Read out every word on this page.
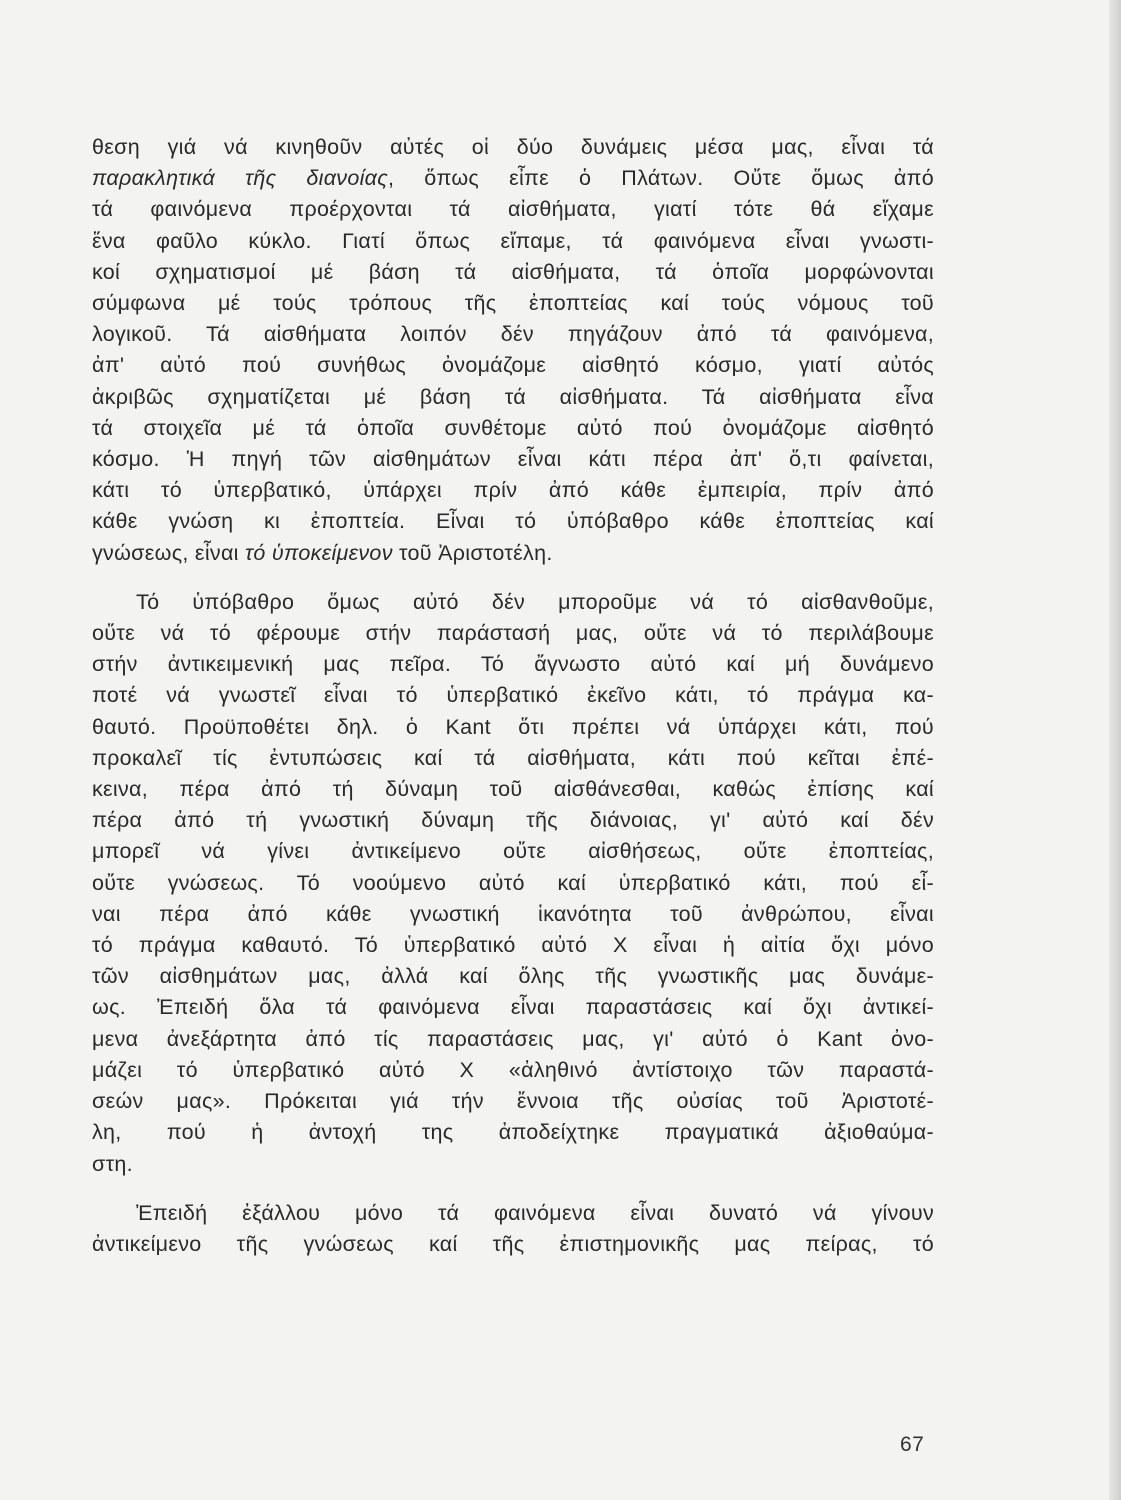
θεση γιά νά κινηθοῦν αὐτές οἱ δύο δυνάμεις μέσα μας, εἶναι τά
παρακλητικά τῆς διανοίας, ὅπως εἶπε ὁ Πλάτων. Οὔτε ὅμως ἀπό
τά φαινόμενα προέρχονται τά αἰσθήματα, γιατί τότε θά εἴχαμε
ἕνα φαῦλο κύκλο. Γιατί ὅπως εἴπαμε, τά φαινόμενα εἶναι γνωστι-
κοί σχηματισμοί μέ βάση τά αἰσθήματα, τά ὁποῖα μορφώνονται
σύμφωνα μέ τούς τρόπους τῆς ἐποπτείας καί τούς νόμους τοῦ
λογικοῦ. Τά αἰσθήματα λοιπόν δέν πηγάζουν ἀπό τά φαινόμενα,
ἀπ' αὐτό πού συνήθως ὀνομάζομε αἰσθητό κόσμο, γιατί αὐτός
ἀκριβῶς σχηματίζεται μέ βάση τά αἰσθήματα. Τά αἰσθήματα εἶνα
τά στοιχεῖα μέ τά ὁποῖα συνθέτομε αὐτό πού ὀνομάζομε αἰσθητό
κόσμο. Ἡ πηγή τῶν αἰσθημάτων εἶναι κάτι πέρα ἀπ' ὅ,τι φαίνεται,
κάτι τό ὑπερβατικό, ὑπάρχει πρίν ἀπό κάθε ἐμπειρία, πρίν ἀπό
κάθε γνώση κι ἐποπτεία. Εἶναι τό ὑπόβαθρο κάθε ἐποπτείας καί
γνώσεως, εἶναι τό ὑποκείμενον τοῦ Ἀριστοτέλη.

Τό ὑπόβαθρο ὅμως αὐτό δέν μποροῦμε νά τό αἰσθανθοῦμε,
οὔτε νά τό φέρουμε στήν παράστασή μας, οὔτε νά τό περιλάβουμε
στήν ἀντικειμενική μας πεῖρα. Τό ἄγνωστο αὐτό καί μή δυνάμενο
ποτέ νά γνωστεῖ εἶναι τό ὑπερβατικό ἐκεῖνο κάτι, τό πράγμα κα-
θαυτό. Προϋποθέτει δηλ. ὁ Kant ὅτι πρέπει νά ὑπάρχει κάτι, πού
προκαλεῖ τίς ἐντυπώσεις καί τά αἰσθήματα, κάτι πού κεῖται ἐπέ-
κεινα, πέρα ἀπό τή δύναμη τοῦ αἰσθάνεσθαι, καθώς ἐπίσης καί
πέρα ἀπό τή γνωστική δύναμη τῆς διάνοιας, γι' αὐτό καί δέν
μπορεῖ νά γίνει ἀντικείμενο οὔτε αἰσθήσεως, οὔτε ἐποπτείας,
οὔτε γνώσεως. Τό νοούμενο αὐτό καί ὑπερβατικό κάτι, πού εἶ-
ναι πέρα ἀπό κάθε γνωστική ἱκανότητα τοῦ ἀνθρώπου, εἶναι
τό πράγμα καθαυτό. Τό ὑπερβατικό αὐτό Χ εἶναι ἡ αἰτία ὄχι μόνο
τῶν αἰσθημάτων μας, ἀλλά καί ὅλης τῆς γνωστικῆς μας δυνάμε-
ως. Ἐπειδή ὅλα τά φαινόμενα εἶναι παραστάσεις καί ὄχι ἀντικεί-
μενα ἀνεξάρτητα ἀπό τίς παραστάσεις μας, γι' αὐτό ὁ Kant ὀνο-
μάζει τό ὑπερβατικό αὐτό Χ «ἀληθινό ἀντίστοιχο τῶν παραστά-
σεών μας». Πρόκειται γιά τήν ἔννοια τῆς οὐσίας τοῦ Ἀριστοτέ-
λη, πού ἡ ἀντοχή της ἀποδείχτηκε πραγματικά ἀξιοθαύμα-
στη.

Ἐπειδή ἐξάλλου μόνο τά φαινόμενα εἶναι δυνατό νά γίνουν
ἀντικείμενο τῆς γνώσεως καί τῆς ἐπιστημονικῆς μας πείρας, τό

67
